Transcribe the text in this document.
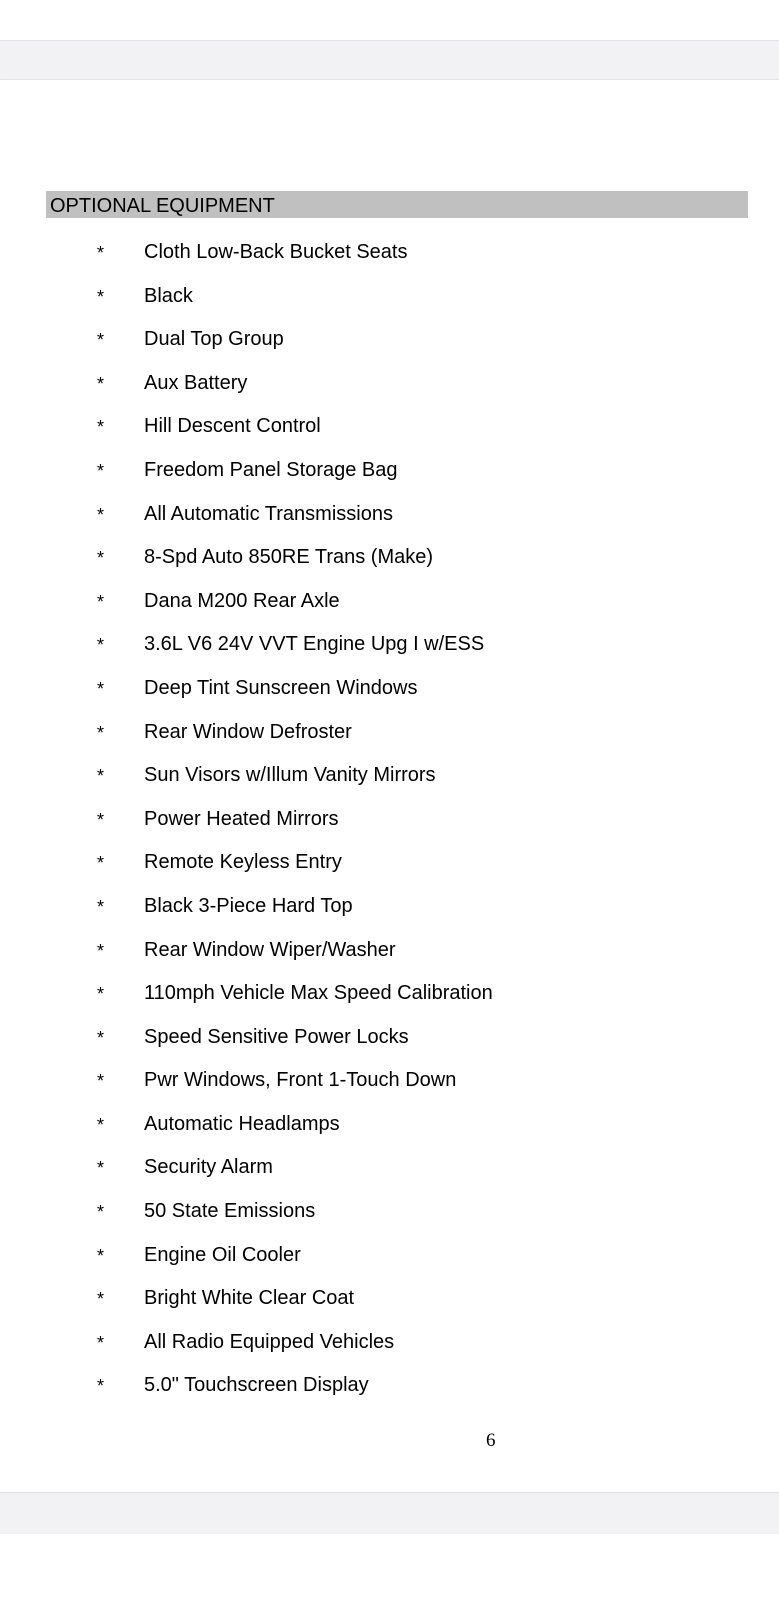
OPTIONAL EQUIPMENT
* Cloth Low-Back Bucket Seats
* Black
* Dual Top Group
* Aux Battery
* Hill Descent Control
* Freedom Panel Storage Bag
* All Automatic Transmissions
* 8-Spd Auto 850RE Trans (Make)
* Dana M200 Rear Axle
* 3.6L V6 24V VVT Engine Upg I w/ESS
* Deep Tint Sunscreen Windows
* Rear Window Defroster
* Sun Visors w/Illum Vanity Mirrors
* Power Heated Mirrors
* Remote Keyless Entry
* Black 3-Piece Hard Top
* Rear Window Wiper/Washer
* 110mph Vehicle Max Speed Calibration
* Speed Sensitive Power Locks
* Pwr Windows, Front 1-Touch Down
* Automatic Headlamps
* Security Alarm
* 50 State Emissions
* Engine Oil Cooler
* Bright White Clear Coat
* All Radio Equipped Vehicles
* 5.0" Touchscreen Display
6
